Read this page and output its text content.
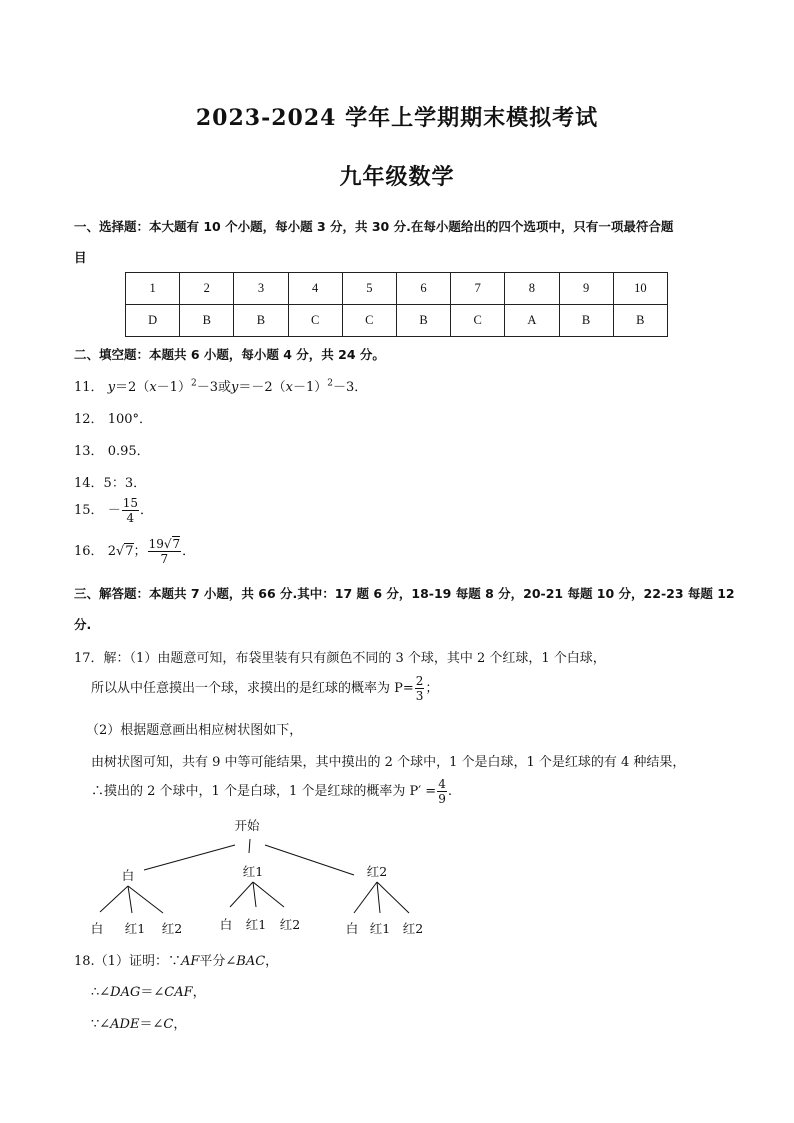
2023-2024 学年上学期期末模拟考试
九年级数学
一、选择题：本大题有 10 个小题，每小题 3 分，共 30 分.在每小题给出的四个选项中，只有一项最符合题
目
1	2	3	4	5	6	7	8	9	10
D	B	B	C	C	B	C	A	B	B
二、填空题：本题共 6 小题，每小题 4 分，共 24 分。
11． $y=2(x-1)^2-3$或$y=-2(x-1)^2-3$．
12． 100°．
13． 0.95．
14．5：3．
15． － $\frac{15}{4}$ ．
16． 2√7； $\frac{19√7}{7}$ ．
三、解答题：本题共 7 小题，共 66 分.其中：17 题 6 分，18-19 每题 8 分，20-21 每题 10 分，22-23 每题 12
分.
17．解：（1）由题意可知，布袋里装有只有颜色不同的 3 个球，其中 2 个红球，1 个白球，
所以从中任意摸出一个球，求摸出的是红球的概率为 $P= \frac{2}{3}$ ；
（2）根据题意画出相应树状图如下，
由树状图可知，共有 9 中等可能结果，其中摸出的 2 个球中，1 个是白球，1 个是红球的有 4 种结果，
∴摸出的 2 个球中，1 个是白球，1 个是红球的概率为 $P' = \frac{4}{9}$ .
开始
白	红1	红2
白 红1 红2	白 红1 红2	白 红1 红2
18.（1）证明：∵AF平分∠BAC，
∴∠DAG＝∠CAF，
∵∠ADE＝∠C，
